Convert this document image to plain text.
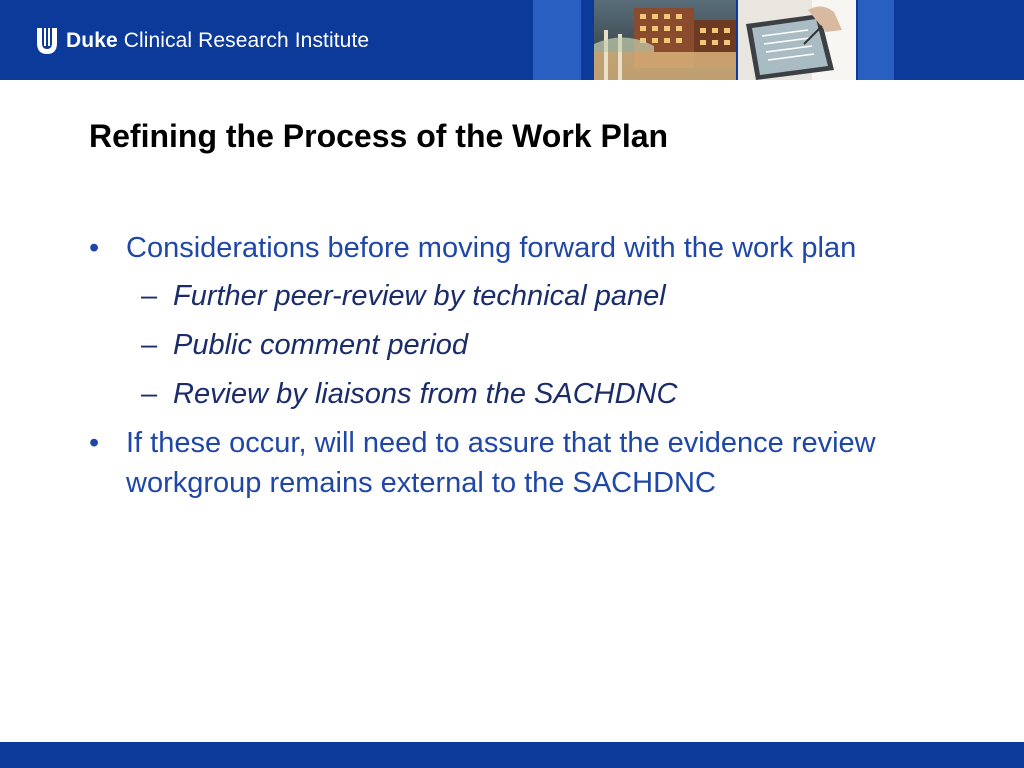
Duke Clinical Research Institute
Refining the Process of the Work Plan
• Considerations before moving forward with the work plan
– Further peer-review by technical panel
– Public comment period
– Review by liaisons from the SACHDNC
• If these occur, will need to assure that the evidence review workgroup remains external to the SACHDNC
